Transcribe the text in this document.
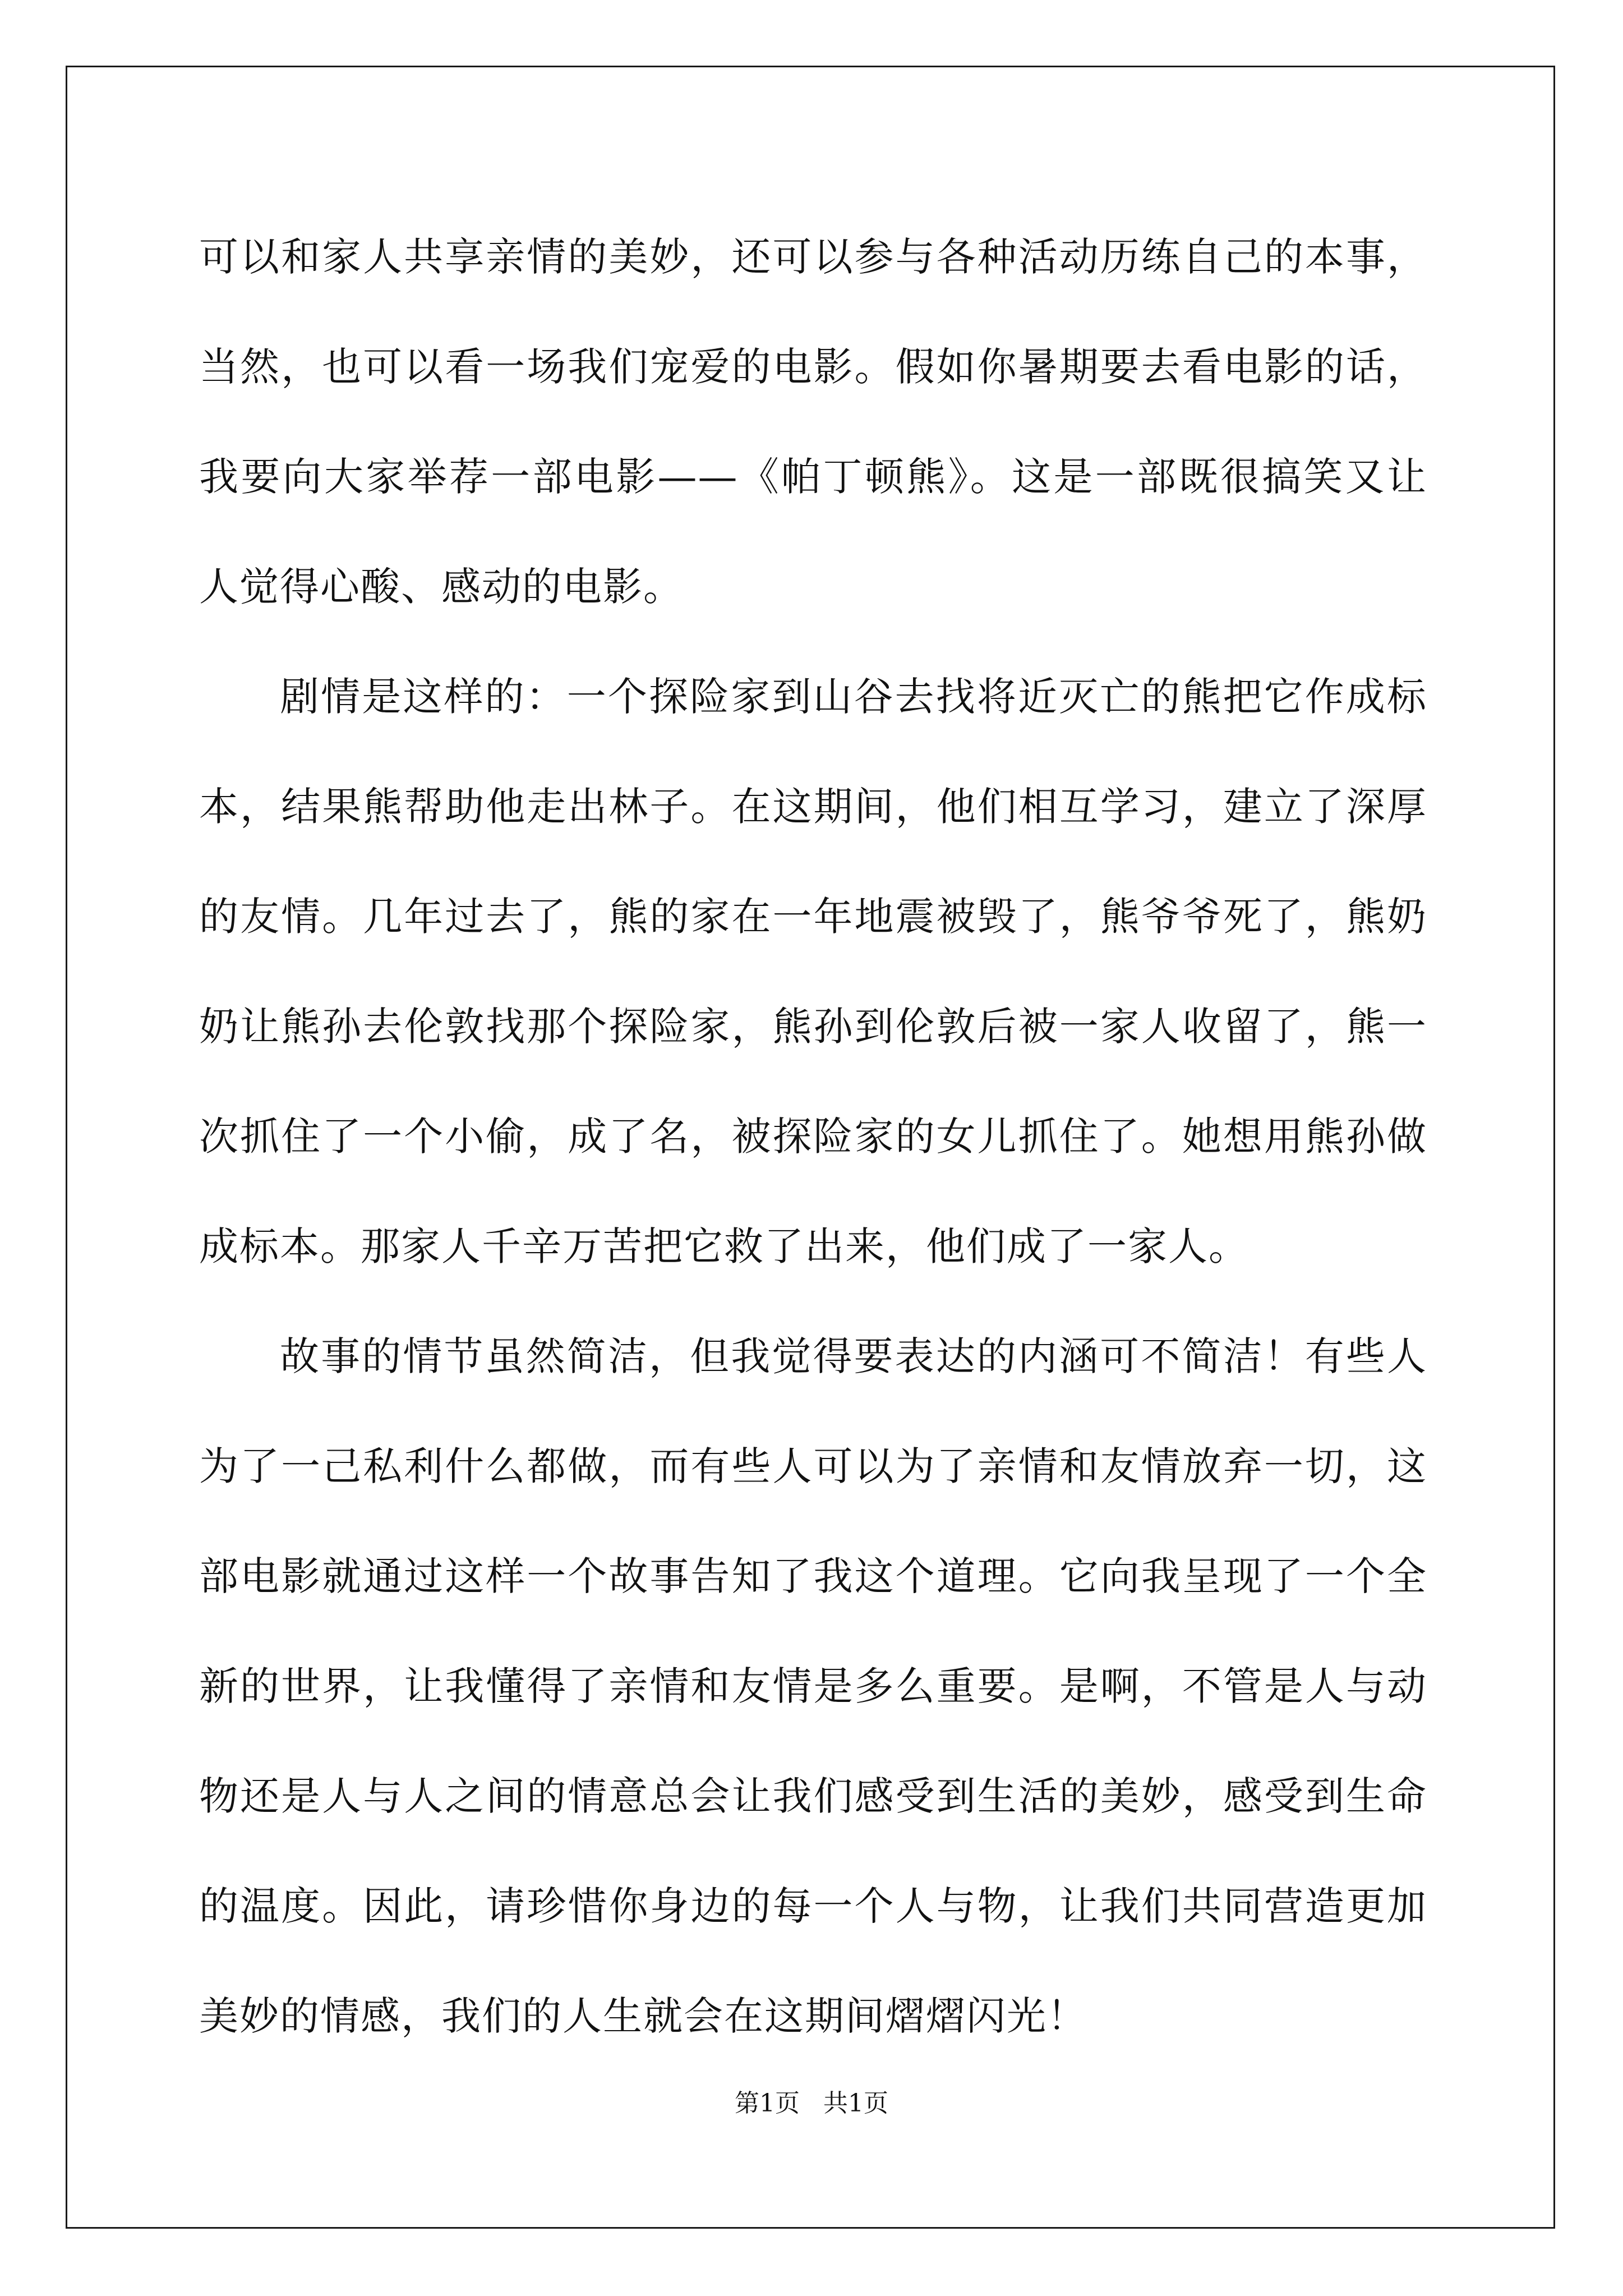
可以和家人共享亲情的美妙，还可以参与各种活动历练自己的本事，当然，也可以看一场我们宠爱的电影。假如你暑期要去看电影的话，我要向大家举荐一部电影——《帕丁顿熊》。这是一部既很搞笑又让人觉得心酸、感动的电影。

剧情是这样的：一个探险家到山谷去找将近灭亡的熊把它作成标本，结果熊帮助他走出林子。在这期间，他们相互学习，建立了深厚的友情。几年过去了，熊的家在一年地震被毁了，熊爷爷死了，熊奶奶让熊孙去伦敦找那个探险家，熊孙到伦敦后被一家人收留了，熊一次抓住了一个小偷，成了名，被探险家的女儿抓住了。她想用熊孙做成标本。那家人千辛万苦把它救了出来，他们成了一家人。

故事的情节虽然简洁，但我觉得要表达的内涵可不简洁！有些人为了一己私利什么都做，而有些人可以为了亲情和友情放弃一切，这部电影就通过这样一个故事告知了我这个道理。它向我呈现了一个全新的世界，让我懂得了亲情和友情是多么重要。是啊，不管是人与动物还是人与人之间的情意总会让我们感受到生活的美妙，感受到生命的温度。因此，请珍惜你身边的每一个人与物，让我们共同营造更加美妙的情感，我们的人生就会在这期间熠熠闪光！

第1页 共1页
